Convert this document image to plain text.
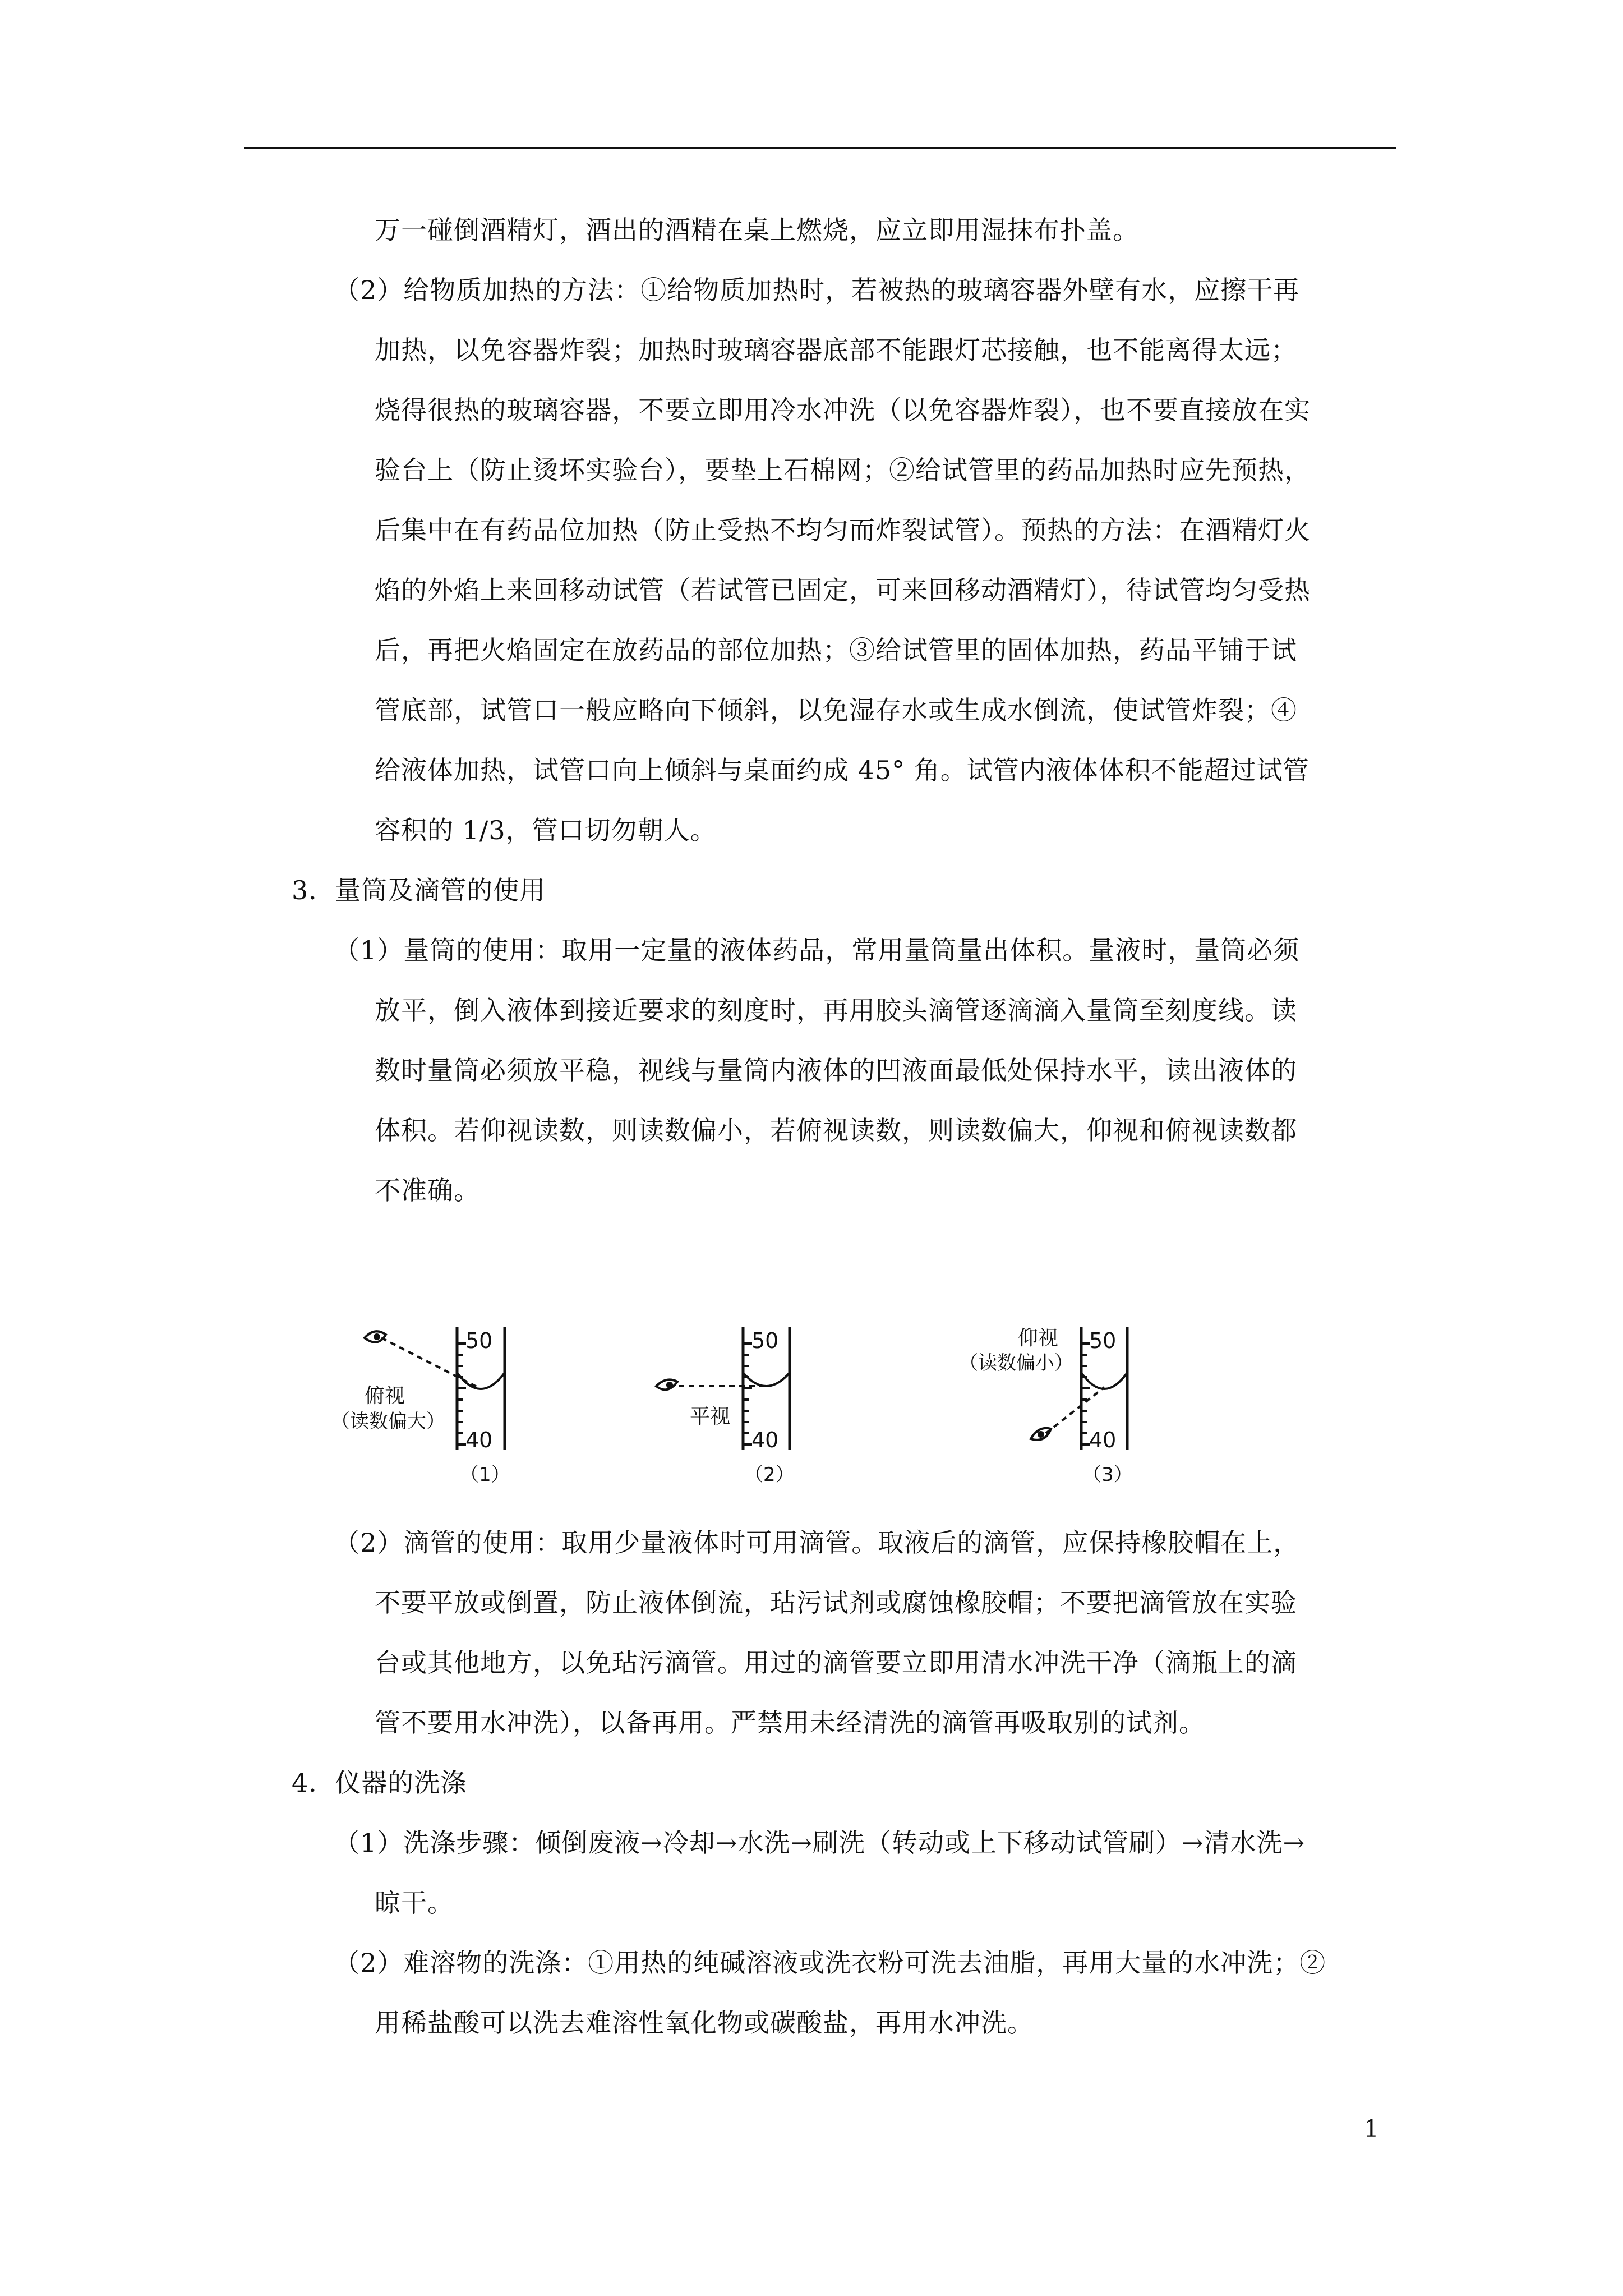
万一碰倒酒精灯，酒出的酒精在桌上燃烧，应立即用湿抹布扑盖。
（2）给物质加热的方法：①给物质加热时，若被热的玻璃容器外壁有水，应擦干再
加热，以免容器炸裂；加热时玻璃容器底部不能跟灯芯接触，也不能离得太远；
烧得很热的玻璃容器，不要立即用冷水冲洗（以免容器炸裂），也不要直接放在实
验台上（防止烫坏实验台），要垫上石棉网；②给试管里的药品加热时应先预热，
后集中在有药品位加热（防止受热不均匀而炸裂试管）。预热的方法：在酒精灯火
焰的外焰上来回移动试管（若试管已固定，可来回移动酒精灯），待试管均匀受热
后，再把火焰固定在放药品的部位加热；③给试管里的固体加热，药品平铺于试
管底部，试管口一般应略向下倾斜，以免湿存水或生成水倒流，使试管炸裂；④
给液体加热，试管口向上倾斜与桌面约成 45° 角。试管内液体体积不能超过试管
容积的 1/3，管口切勿朝人。
3．量筒及滴管的使用
（1）量筒的使用：取用一定量的液体药品，常用量筒量出体积。量液时，量筒必须
放平，倒入液体到接近要求的刻度时，再用胶头滴管逐滴滴入量筒至刻度线。读
数时量筒必须放平稳，视线与量筒内液体的凹液面最低处保持水平，读出液体的
体积。若仰视读数，则读数偏小，若俯视读数，则读数偏大，仰视和俯视读数都
不准确。
50
40
俯视
（读数偏大）
（1）
50
40
平视
（2）
50
40
仰视
（读数偏小）
（3）
（2）滴管的使用：取用少量液体时可用滴管。取液后的滴管，应保持橡胶帽在上，
不要平放或倒置，防止液体倒流，玷污试剂或腐蚀橡胶帽；不要把滴管放在实验
台或其他地方，以免玷污滴管。用过的滴管要立即用清水冲洗干净（滴瓶上的滴
管不要用水冲洗），以备再用。严禁用未经清洗的滴管再吸取别的试剂。
4．仪器的洗涤
（1）洗涤步骤：倾倒废液→冷却→水洗→刷洗（转动或上下移动试管刷）→清水洗→
晾干。
（2）难溶物的洗涤：①用热的纯碱溶液或洗衣粉可洗去油脂，再用大量的水冲洗；②
用稀盐酸可以洗去难溶性氧化物或碳酸盐，再用水冲洗。
1
